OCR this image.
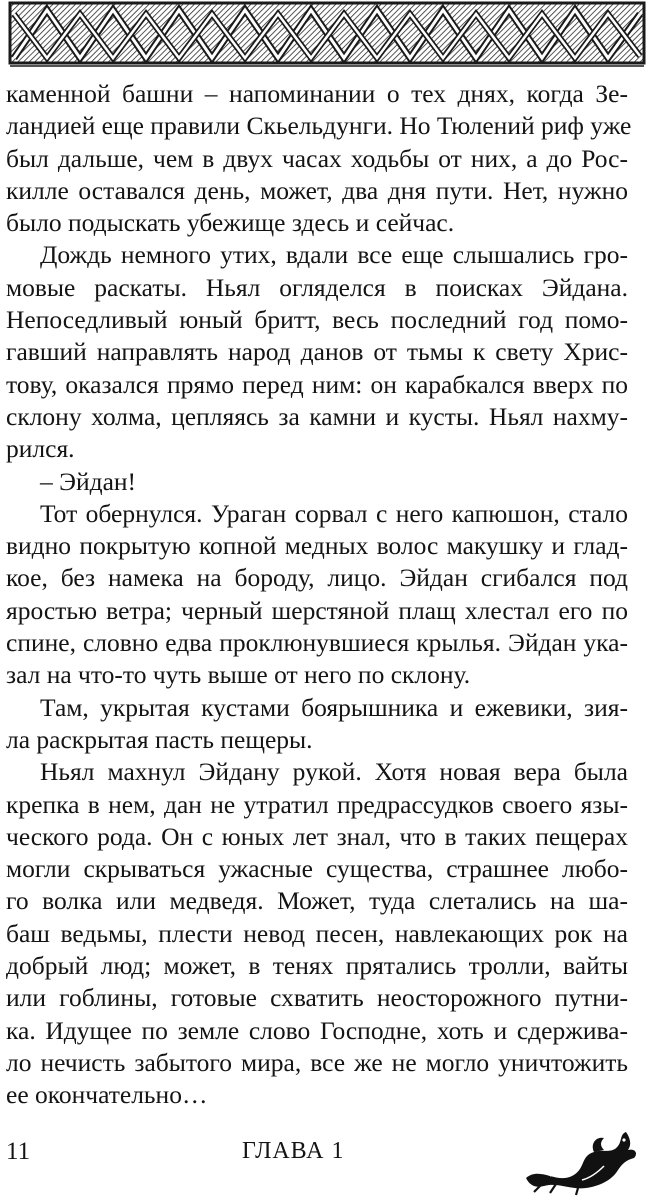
каменной башни – напоминании о тех днях, когда Зе-
ландией еще правили Скьельдунги. Но Тюлений риф уже
был дальше, чем в двух часах ходьбы от них, а до Рос-
килле оставался день, может, два дня пути. Нет, нужно
было подыскать убежище здесь и сейчас.
Дождь немного утих, вдали все еще слышались гро-
мовые раскаты. Ньял огляделся в поисках Эйдана.
Непоседливый юный бритт, весь последний год помо-
гавший направлять народ данов от тьмы к свету Хрис-
тову, оказался прямо перед ним: он карабкался вверх по
склону холма, цепляясь за камни и кусты. Ньял нахму-
рился.
– Эйдан!
Тот обернулся. Ураган сорвал с него капюшон, стало
видно покрытую копной медных волос макушку и глад-
кое, без намека на бороду, лицо. Эйдан сгибался под
яростью ветра; черный шерстяной плащ хлестал его по
спине, словно едва проклюнувшиеся крылья. Эйдан ука-
зал на что-то чуть выше от него по склону.
Там, укрытая кустами боярышника и ежевики, зия-
ла раскрытая пасть пещеры.
Ньял махнул Эйдану рукой. Хотя новая вера была
крепка в нем, дан не утратил предрассудков своего язы-
ческого рода. Он с юных лет знал, что в таких пещерах
могли скрываться ужасные существа, страшнее любо-
го волка или медведя. Может, туда слетались на ша-
баш ведьмы, плести невод песен, навлекающих рок на
добрый люд; может, в тенях прятались тролли, вайты
или гоблины, готовые схватить неосторожного путни-
ка. Идущее по земле слово Господне, хоть и сдержива-
ло нечисть забытого мира, все же не могло уничтожить
ее окончательно…
11	ГЛАВА 1
